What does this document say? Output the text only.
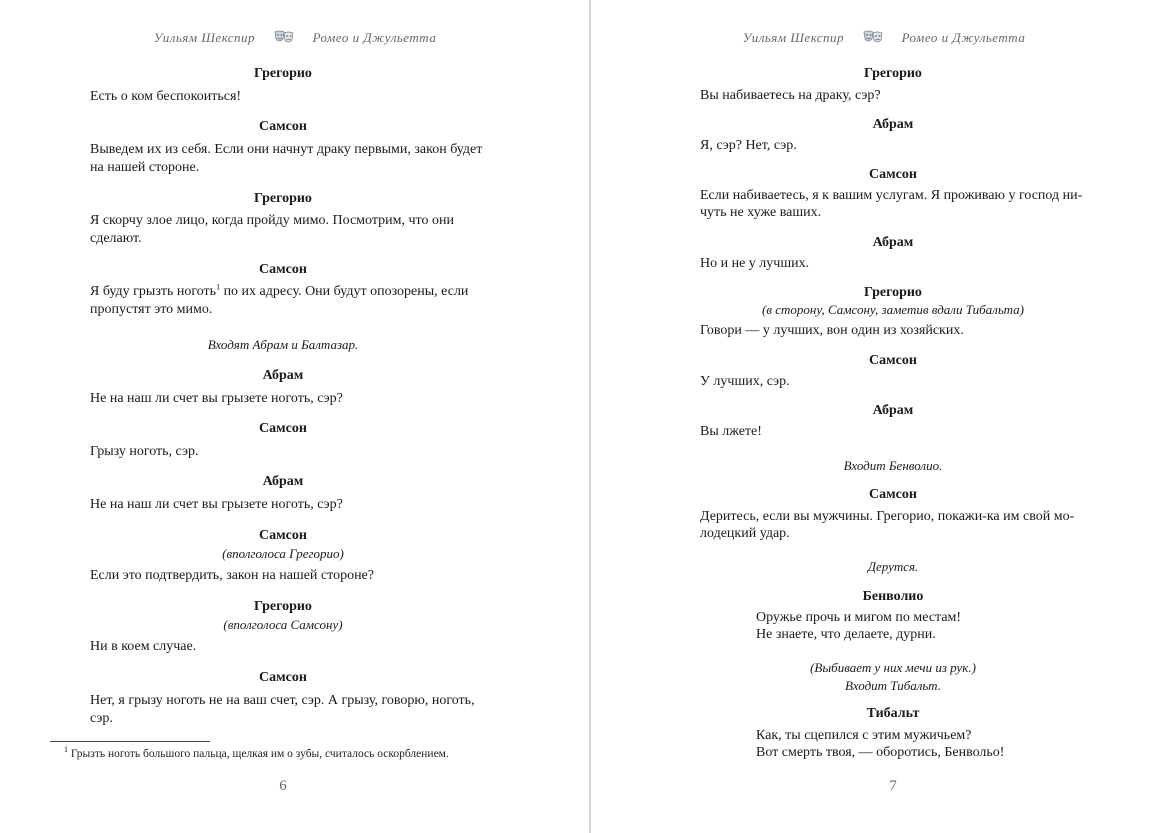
Уильям Шекспир	Ромео и Джульетта
Грегорио
Есть о ком беспокоиться!
Самсон
Выведем их из себя. Если они начнут драку первыми, закон будет
на нашей стороне.
Грегорио
Я скорчу злое лицо, когда пройду мимо. Посмотрим, что они
сделают.
Самсон
Я буду грызть ноготь$^1$ по их адресу. Они будут опозорены, если
пропустят это мимо.
Входят Абрам и Балтазар.
Абрам
Не на наш ли счет вы грызете ноготь, сэр?
Самсон
Грызу ноготь, сэр.
Абрам
Не на наш ли счет вы грызете ноготь, сэр?
Самсон
(вполголоса Грегорио)
Если это подтвердить, закон на нашей стороне?
Грегорио
(вполголоса Самсону)
Ни в коем случае.
Самсон
Нет, я грызу ноготь не на ваш счет, сэр. А грызу, говорю, ноготь,
сэр.
$^1$ Грызть ноготь большого пальца, щелкая им о зубы, считалось оскорблением.
6
Уильям Шекспир	Ромео и Джульетта
Грегорио
Вы набиваетесь на драку, сэр?
Абрам
Я, сэр? Нет, сэр.
Самсон
Если набиваетесь, я к вашим услугам. Я проживаю у господ ни-
чуть не хуже ваших.
Абрам
Но и не у лучших.
Грегорио
(в сторону, Самсону, заметив вдали Тибальта)
Говори — у лучших, вон один из хозяйских.
Самсон
У лучших, сэр.
Абрам
Вы лжете!
Входит Бенволио.
Самсон
Деритесь, если вы мужчины. Грегорио, покажи-ка им свой мо-
лодецкий удар.
Дерутся.
Бенволио
Оружье прочь и мигом по местам!
Не знаете, что делаете, дурни.
(Выбивает у них мечи из рук.)
Входит Тибальт.
Тибальт
Как, ты сцепился с этим мужичьем?
Вот смерть твоя, — оборотись, Бенвольо!
7
